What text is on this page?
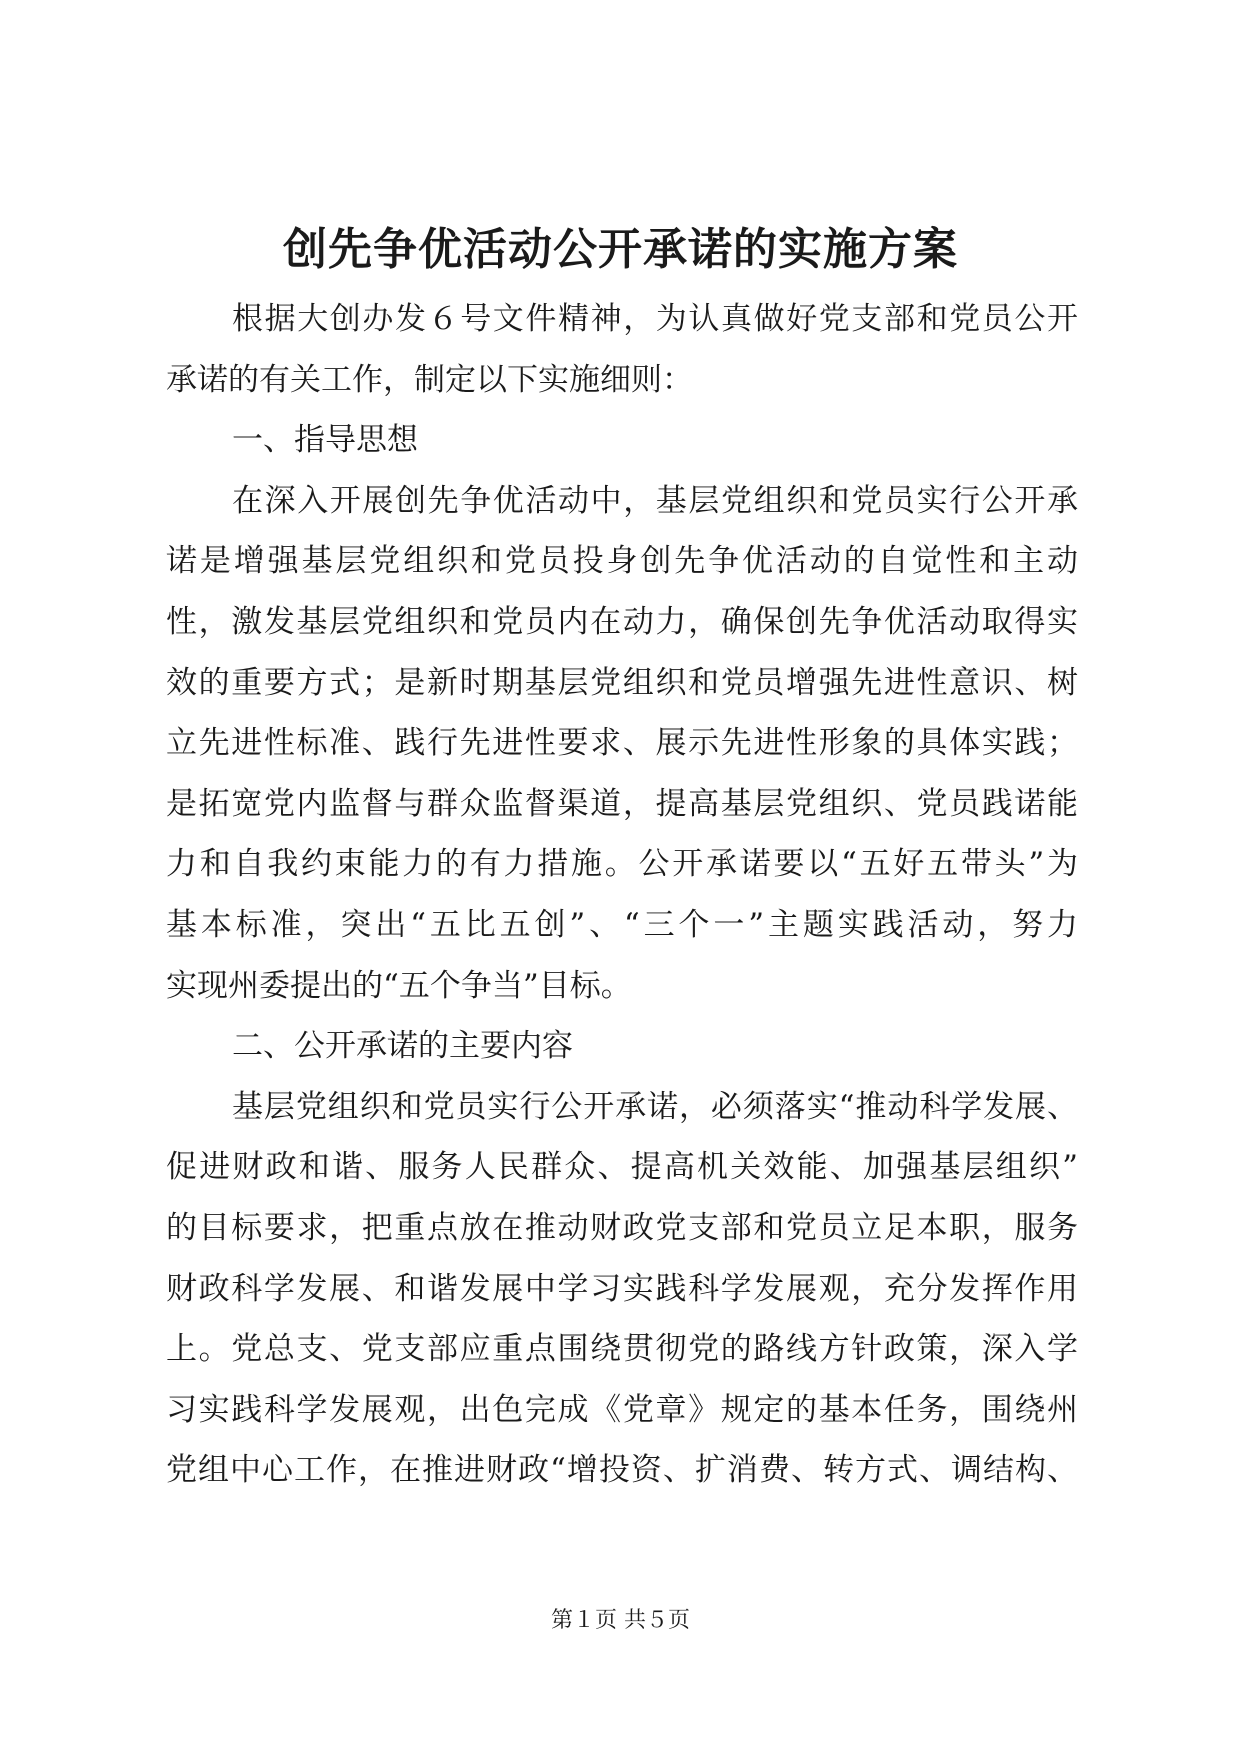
创先争优活动公开承诺的实施方案
根据大创办发６号文件精神，为认真做好党支部和党员公开
承诺的有关工作，制定以下实施细则：
一、指导思想
在深入开展创先争优活动中，基层党组织和党员实行公开承
诺是增强基层党组织和党员投身创先争优活动的自觉性和主动
性，激发基层党组织和党员内在动力，确保创先争优活动取得实
效的重要方式；是新时期基层党组织和党员增强先进性意识、树
立先进性标准、践行先进性要求、展示先进性形象的具体实践；
是拓宽党内监督与群众监督渠道，提高基层党组织、党员践诺能
力和自我约束能力的有力措施。公开承诺要以“五好五带头”为
基本标准，突出“五比五创”、“三个一”主题实践活动，努力
实现州委提出的“五个争当”目标。
二、公开承诺的主要内容
基层党组织和党员实行公开承诺，必须落实“推动科学发展、
促进财政和谐、服务人民群众、提高机关效能、加强基层组织”
的目标要求，把重点放在推动财政党支部和党员立足本职，服务
财政科学发展、和谐发展中学习实践科学发展观，充分发挥作用
上。党总支、党支部应重点围绕贯彻党的路线方针政策，深入学
习实践科学发展观，出色完成《党章》规定的基本任务，围绕州
党组中心工作，在推进财政“增投资、扩消费、转方式、调结构、
第１页 共５页
